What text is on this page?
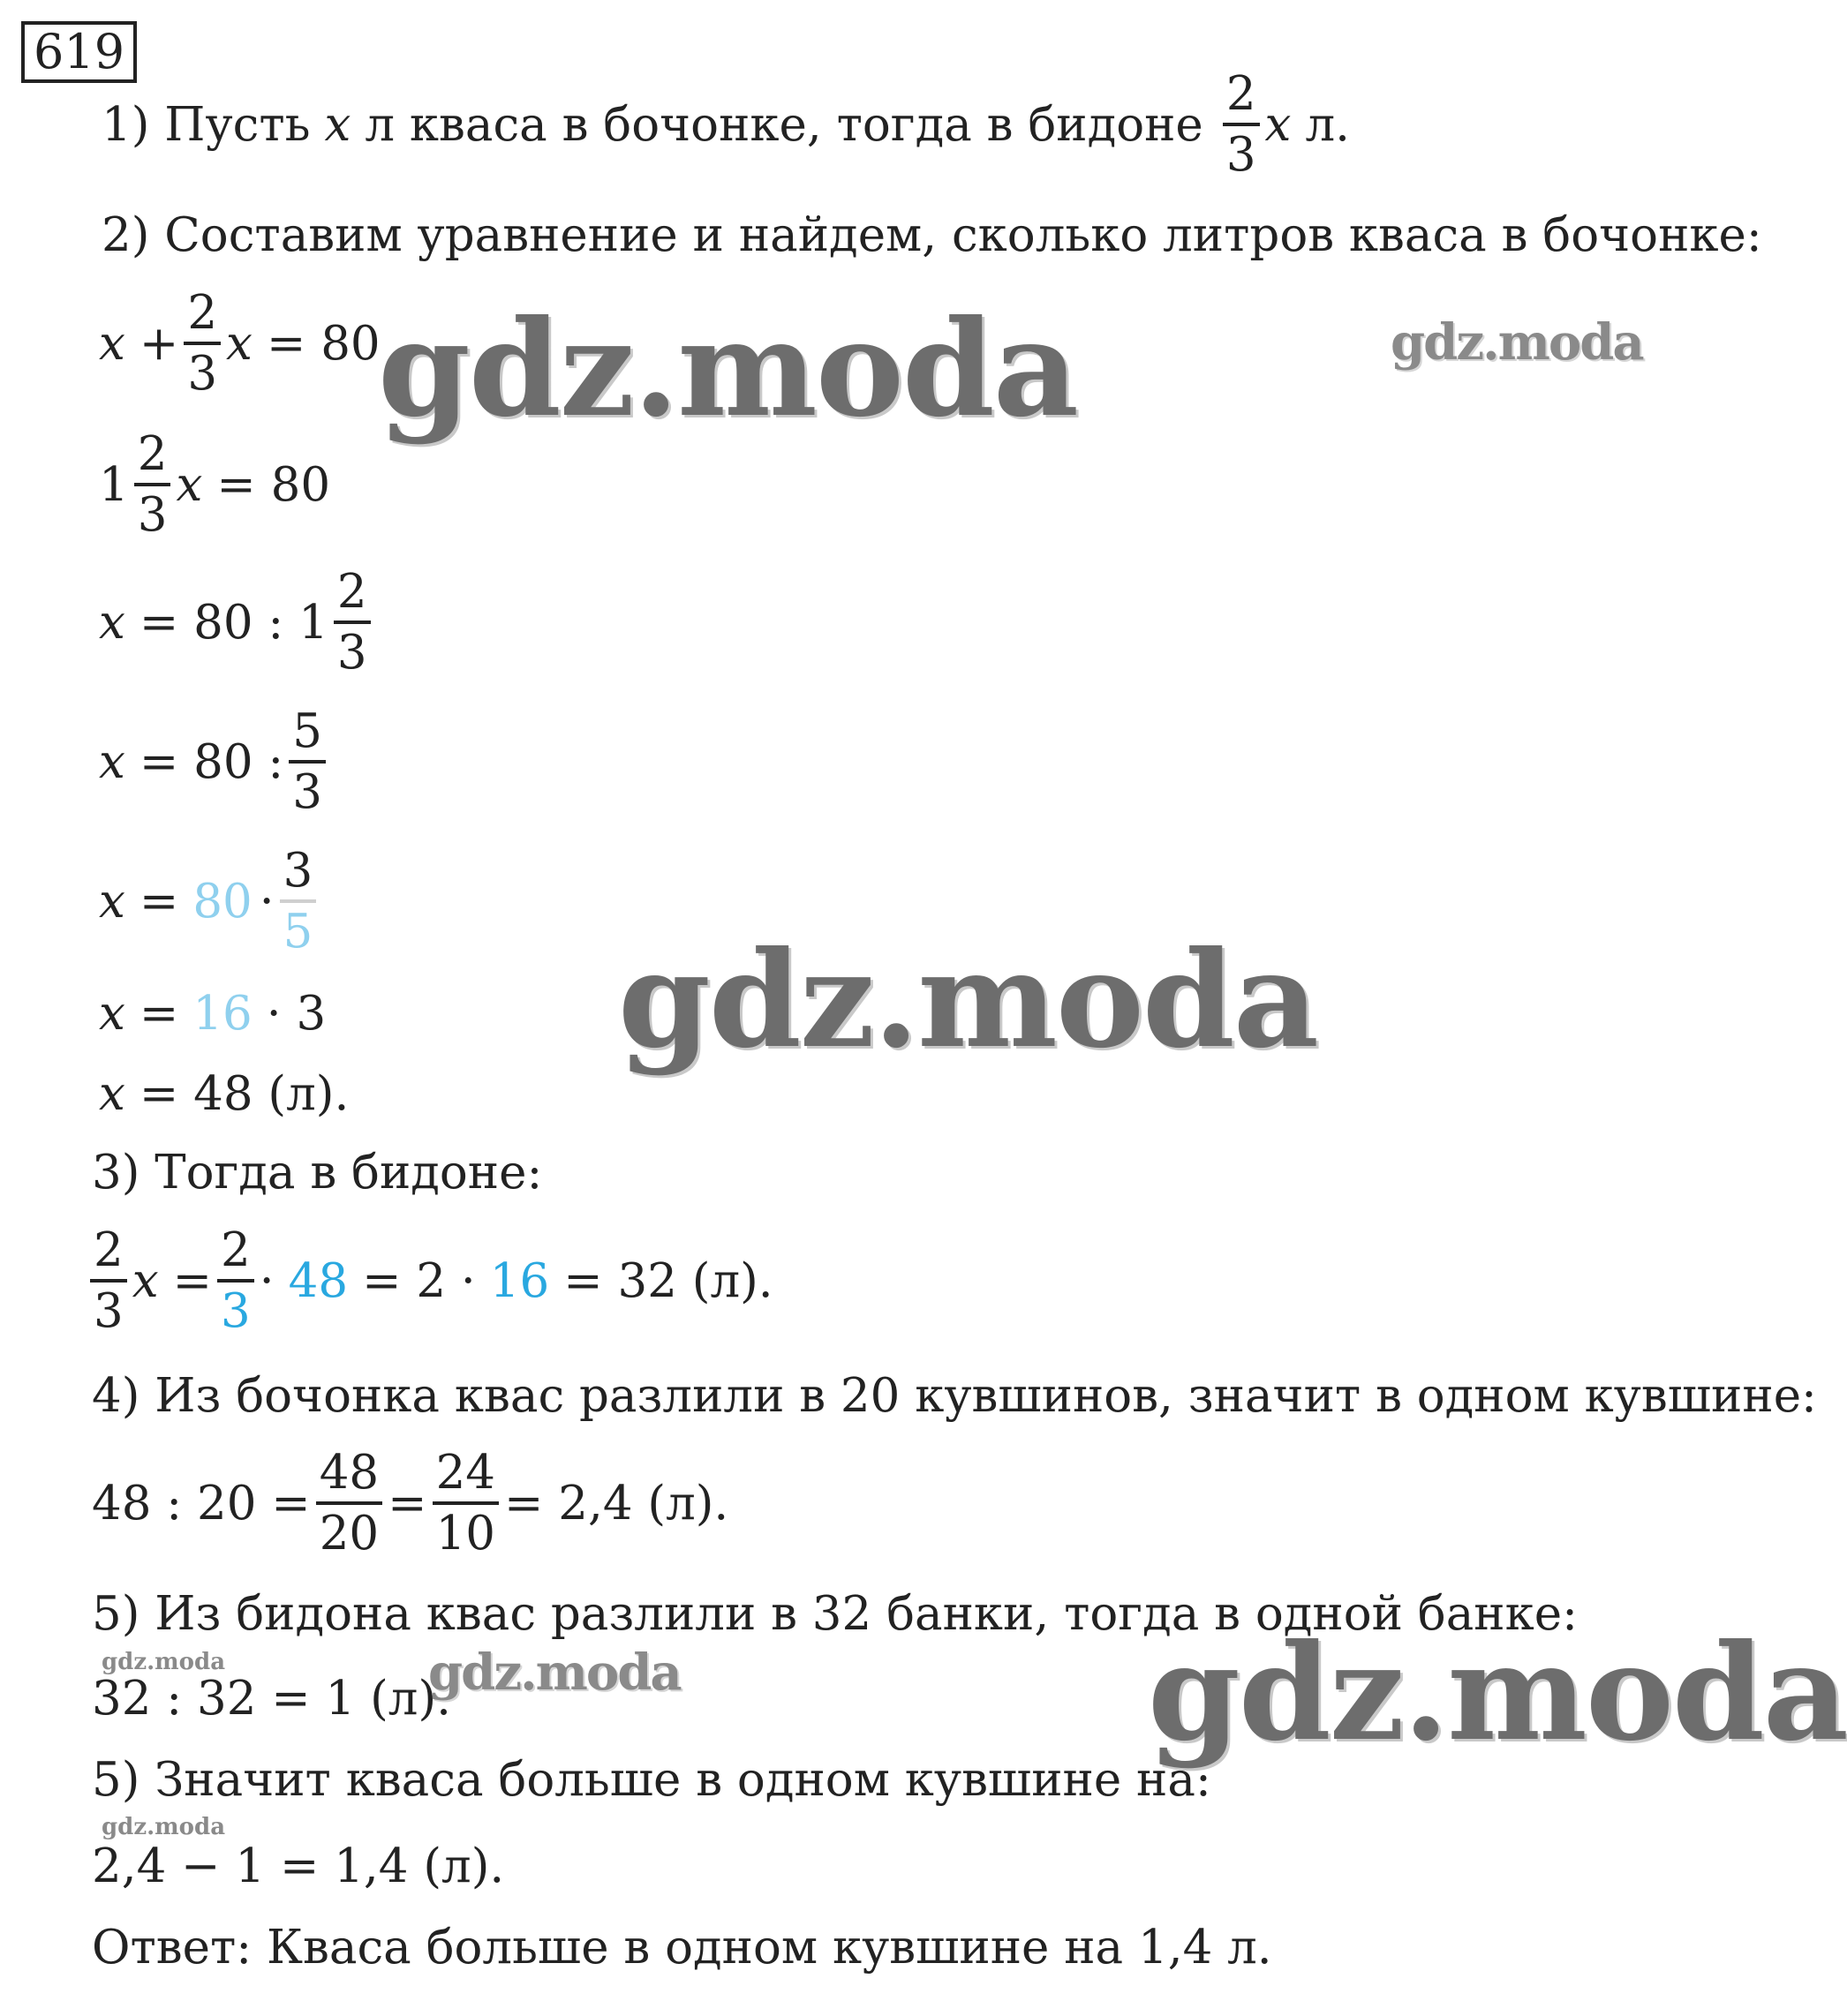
619
1) Пусть x л кваса в бочонке, тогда в бидоне $\frac{2}{3}$ x л.
2) Составим уравнение и найдем, сколько литров кваса в бочонке:
$x + \frac{2}{3}$ x = 80
$1 \frac{2}{3}$ x = 80
x = 80 : $1 \frac{2}{3}$
x = 80 : $\frac{5}{3}$
$x = 80 \cdot \frac{3}{5}$
x = 16 · 3
x = 48 (л).
3) Тогда в бидоне:
$\frac{2}{3}$ $x = \frac{2}{3} \cdot 48 = 2 \cdot 16 = 32$ (л).
4) Из бочонка квас разлили в 20 кувшинов, значит в одном кувшине:
48 : $20 = \frac{48}{20} = \frac{24}{10} = 2,4$ (л).
5) Из бидона квас разлили в 32 банки, тогда в одной банке:
32 : 32 = 1 (л).
5) Значит кваса больше в одном кувшине на:
2,4 − 1 = 1,4 (л).
Ответ: Кваса больше в одном кувшине на 1,4 л.
gdz.moda	gdz.moda
gdz.moda
gdz.moda
gdz.moda
gdz.moda
gdz.moda
